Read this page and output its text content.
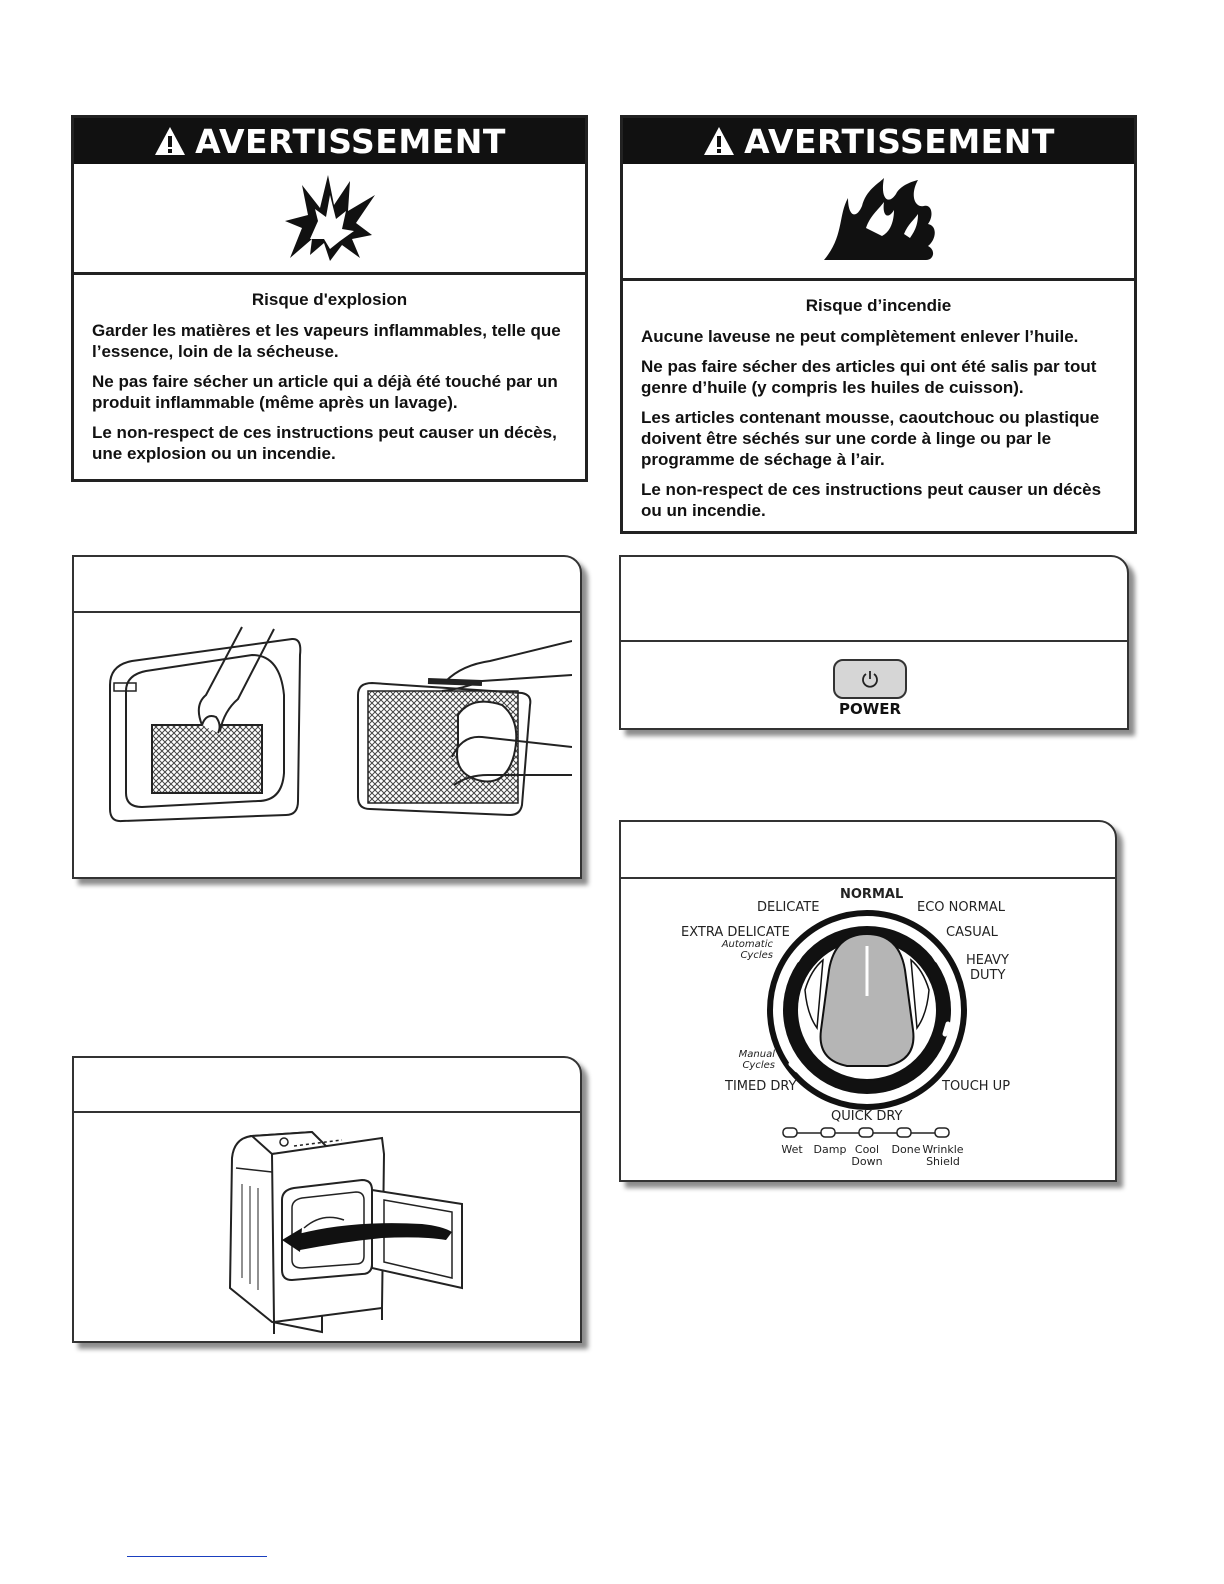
AVERTISSEMENT
Risque d'explosion

Garder les matières et les vapeurs inflammables, telle que l’essence, loin de la sécheuse.

Ne pas faire sécher un article qui a déjà été touché par un produit inflammable (même après un lavage).

Le non-respect de ces instructions peut causer un décès, une explosion ou un incendie.

AVERTISSEMENT
Risque d’incendie

Aucune laveuse ne peut complètement enlever l’huile.

Ne pas faire sécher des articles qui ont été salis par tout genre d’huile (y compris les huiles de cuisson).

Les articles contenant mousse, caoutchouc ou plastique doivent être séchés sur une corde à linge ou par le programme de séchage à l’air.

Le non-respect de ces instructions peut causer un décès ou un incendie.

POWER
NORMAL
DELICATE	ECO NORMAL
EXTRA DELICATE	CASUAL
Automatic
Cycles	HEAVY
DUTY
Manual
Cycles
TIMED DRY	TOUCH UP
QUICK DRY
Wet Damp Cool
Down
Done Wrinkle
Shield
